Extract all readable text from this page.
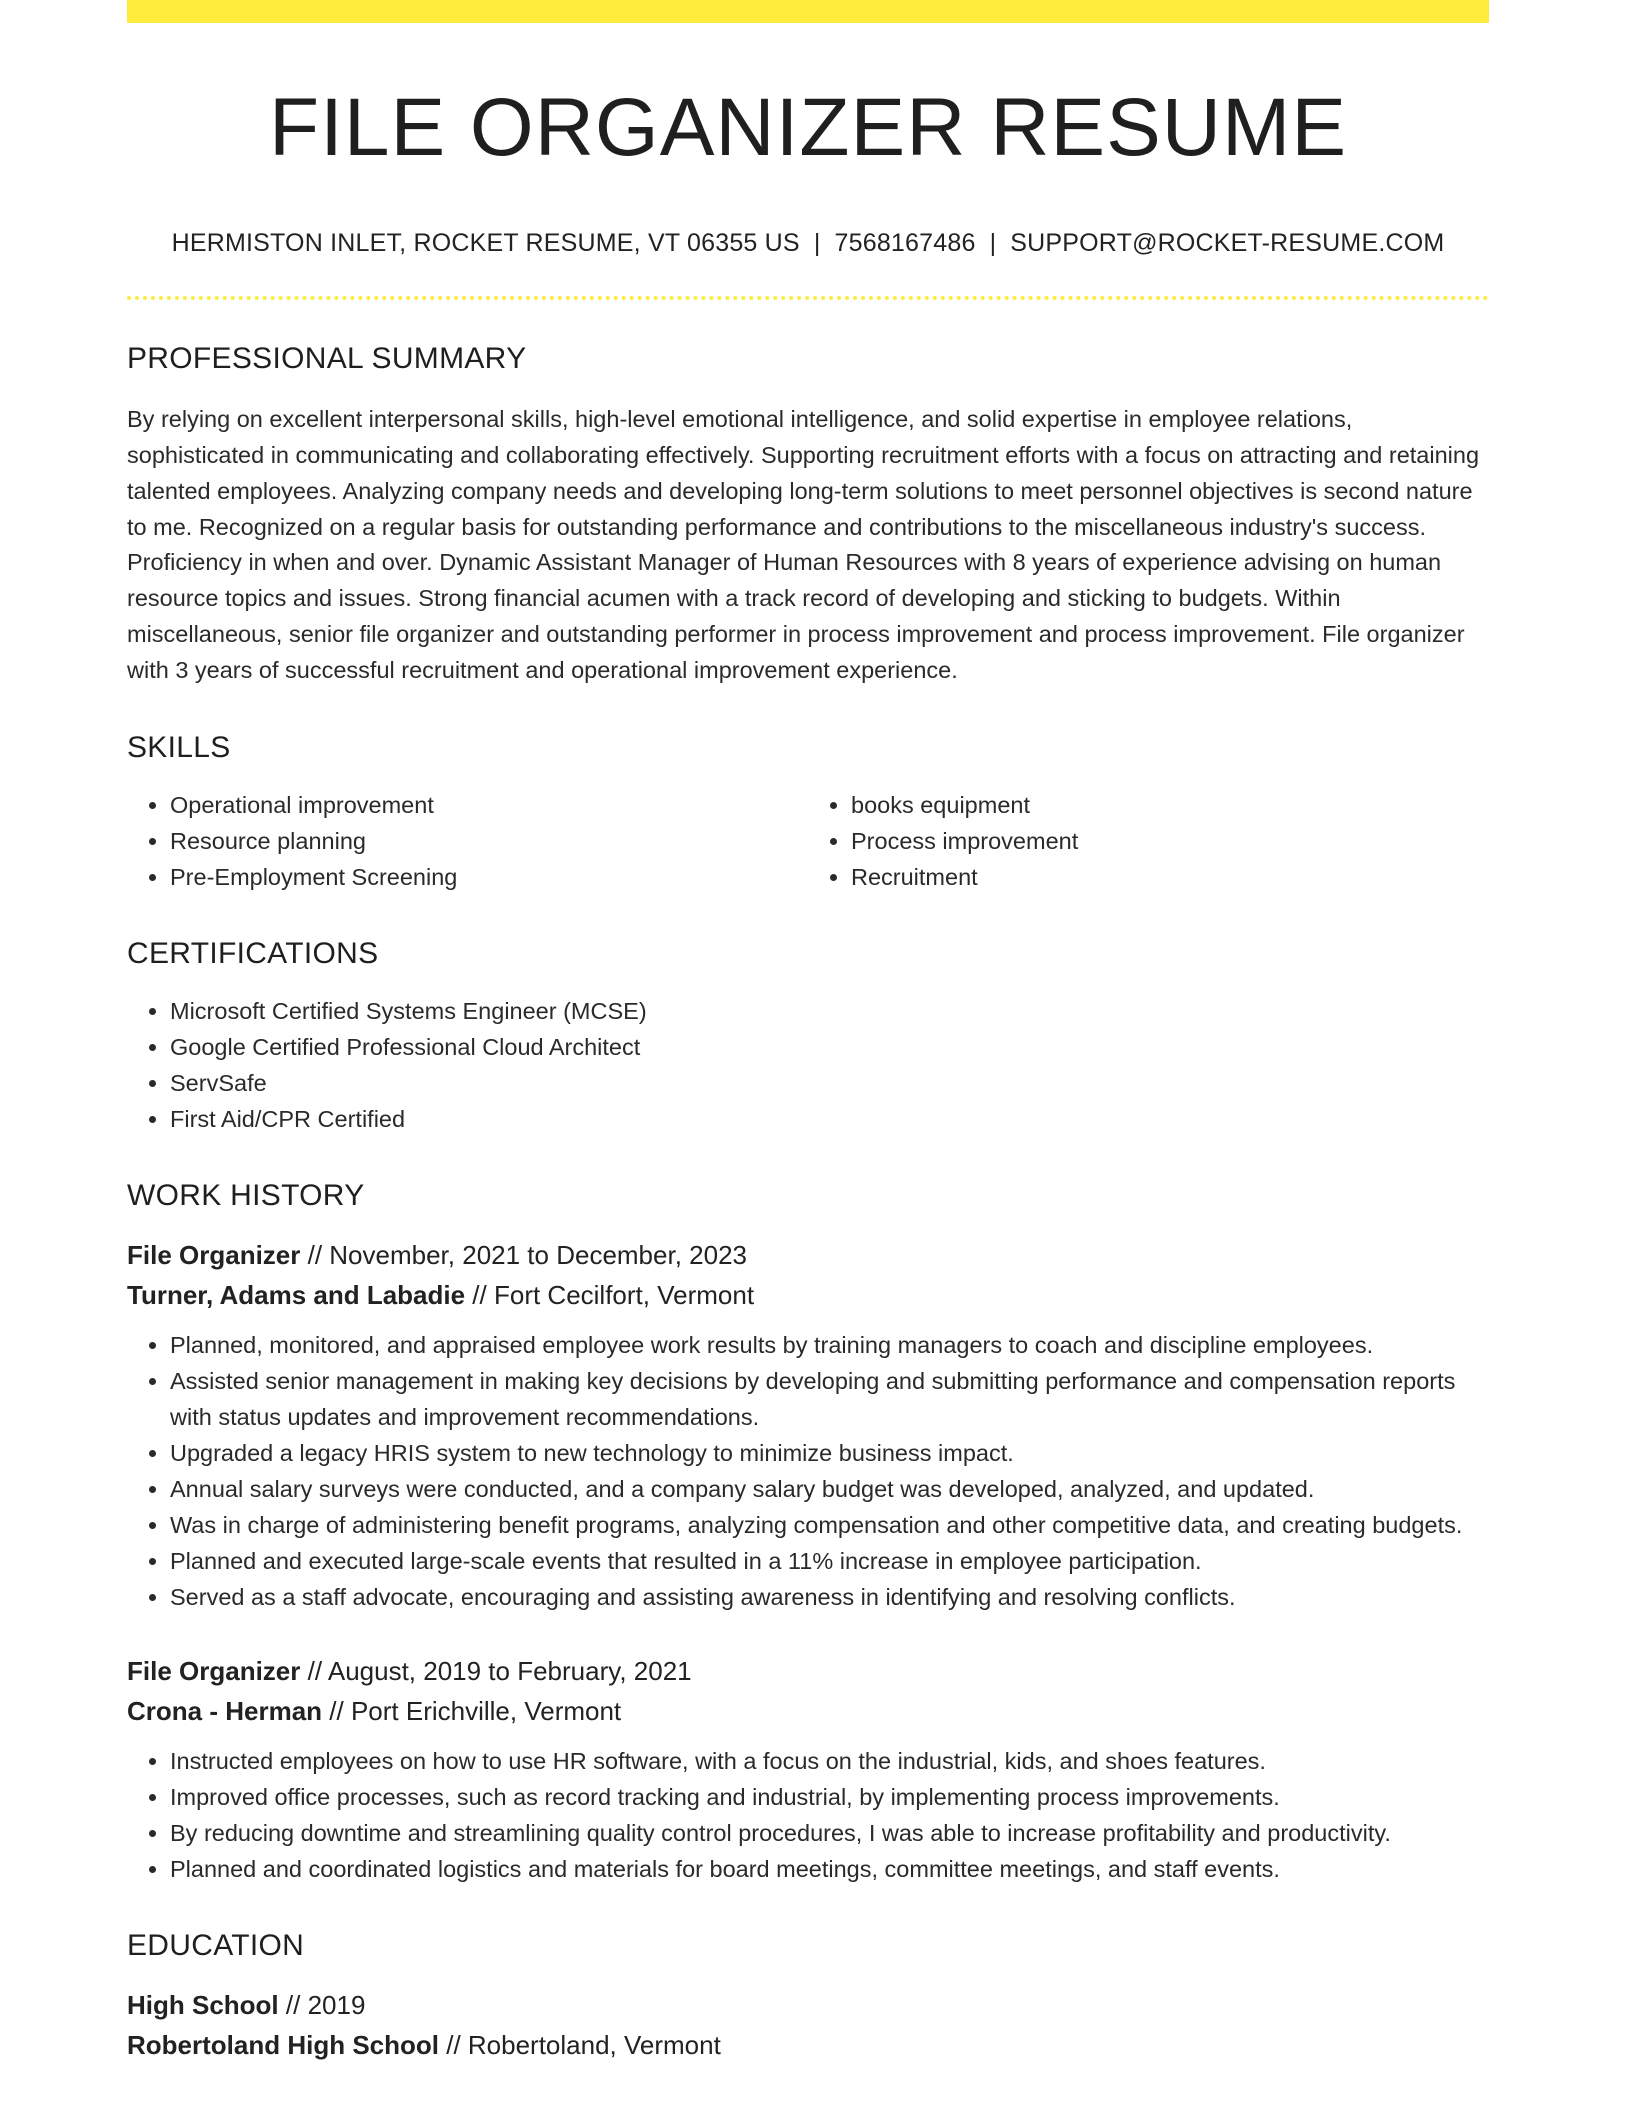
FILE ORGANIZER RESUME
HERMISTON INLET, ROCKET RESUME, VT 06355 US | 7568167486 | SUPPORT@ROCKET-RESUME.COM
PROFESSIONAL SUMMARY

By relying on excellent interpersonal skills, high-level emotional intelligence, and solid expertise in employee relations, sophisticated in communicating and collaborating effectively. Supporting recruitment efforts with a focus on attracting and retaining talented employees. Analyzing company needs and developing long-term solutions to meet personnel objectives is second nature to me. Recognized on a regular basis for outstanding performance and contributions to the miscellaneous industry's success. Proficiency in when and over. Dynamic Assistant Manager of Human Resources with 8 years of experience advising on human resource topics and issues. Strong financial acumen with a track record of developing and sticking to budgets. Within miscellaneous, senior file organizer and outstanding performer in process improvement and process improvement. File organizer with 3 years of successful recruitment and operational improvement experience.

SKILLS
• Operational improvement
• Resource planning
• Pre-Employment Screening
• books equipment
• Process improvement
• Recruitment
CERTIFICATIONS
• Microsoft Certified Systems Engineer (MCSE)
• Google Certified Professional Cloud Architect
• ServSafe
• First Aid/CPR Certified
WORK HISTORY
File Organizer // November, 2021 to December, 2023
Turner, Adams and Labadie // Fort Cecilfort, Vermont
• Planned, monitored, and appraised employee work results by training managers to coach and discipline employees.
• Assisted senior management in making key decisions by developing and submitting performance and compensation reports with status updates and improvement recommendations.
• Upgraded a legacy HRIS system to new technology to minimize business impact.
• Annual salary surveys were conducted, and a company salary budget was developed, analyzed, and updated.
• Was in charge of administering benefit programs, analyzing compensation and other competitive data, and creating budgets.
• Planned and executed large-scale events that resulted in a 11% increase in employee participation.
• Served as a staff advocate, encouraging and assisting awareness in identifying and resolving conflicts.
File Organizer // August, 2019 to February, 2021
Crona - Herman // Port Erichville, Vermont
• Instructed employees on how to use HR software, with a focus on the industrial, kids, and shoes features.
• Improved office processes, such as record tracking and industrial, by implementing process improvements.
• By reducing downtime and streamlining quality control procedures, I was able to increase profitability and productivity.
• Planned and coordinated logistics and materials for board meetings, committee meetings, and staff events.
EDUCATION
High School // 2019
Robertoland High School // Robertoland, Vermont
